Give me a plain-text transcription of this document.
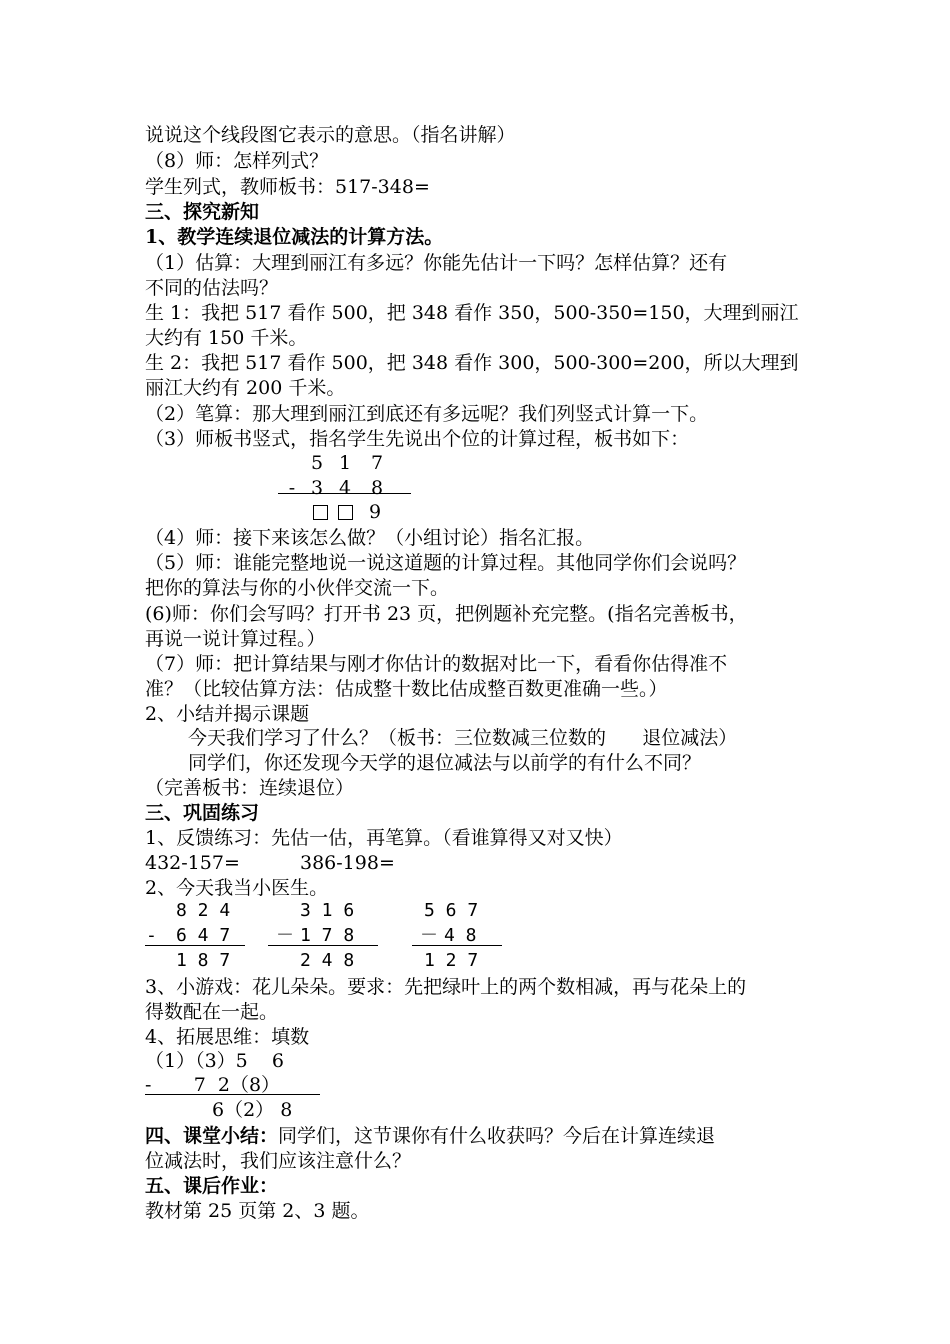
说说这个线段图它表示的意思。（指名讲解）
（8）师：怎样列式？
学生列式，教师板书：517-348=
三、探究新知
1、教学连续退位减法的计算方法。
（1）估算：大理到丽江有多远？你能先估计一下吗？怎样估算？还有
不同的估法吗？
生 1：我把 517 看作 500，把 348 看作 350，500-350=150，大理到丽江
大约有 150 千米。
生 2：我把 517 看作 500，把 348 看作 300，500-300=200，所以大理到
丽江大约有 200 千米。
（2）笔算：那大理到丽江到底还有多远呢？我们列竖式计算一下。
（3）师板书竖式，指名学生先说出个位的计算过程，板书如下：
5 1 7
- 3 4 8
9
（4）师：接下来该怎么做？（小组讨论）指名汇报。
（5）师：谁能完整地说一说这道题的计算过程。其他同学你们会说吗？
把你的算法与你的小伙伴交流一下。
(6)师：你们会写吗？打开书 23 页，把例题补充完整。(指名完善板书，
再说一说计算过程。）
（7）师：把计算结果与刚才你估计的数据对比一下，看看你估得准不
准？（比较估算方法：估成整十数比估成整百数更准确一些。）
2、小结并揭示课题
今天我们学习了什么？（板书：三位数减三位数的      退位减法）
同学们，你还发现今天学的退位减法与以前学的有什么不同？
（完善板书：连续退位）
三、巩固练习
1、反馈练习：先估一估，再笔算。（看谁算得又对又快）
432-157=	386-198=
2、今天我当小医生。
8 2 4
- 6 4 7
1 8 7
3 1 6
－ 1 7 8
2 4 8
5 6 7
－ 4 8
1 2 7
3、小游戏：花儿朵朵。要求：先把绿叶上的两个数相减，再与花朵上的
得数配在一起。
4、拓展思维：填数
（1）（3）5    6
-       7  2（8）
6（2） 8
四、课堂小结：同学们，这节课你有什么收获吗？今后在计算连续退
位减法时，我们应该注意什么？
五、课后作业：
教材第 25 页第 2、3 题。
